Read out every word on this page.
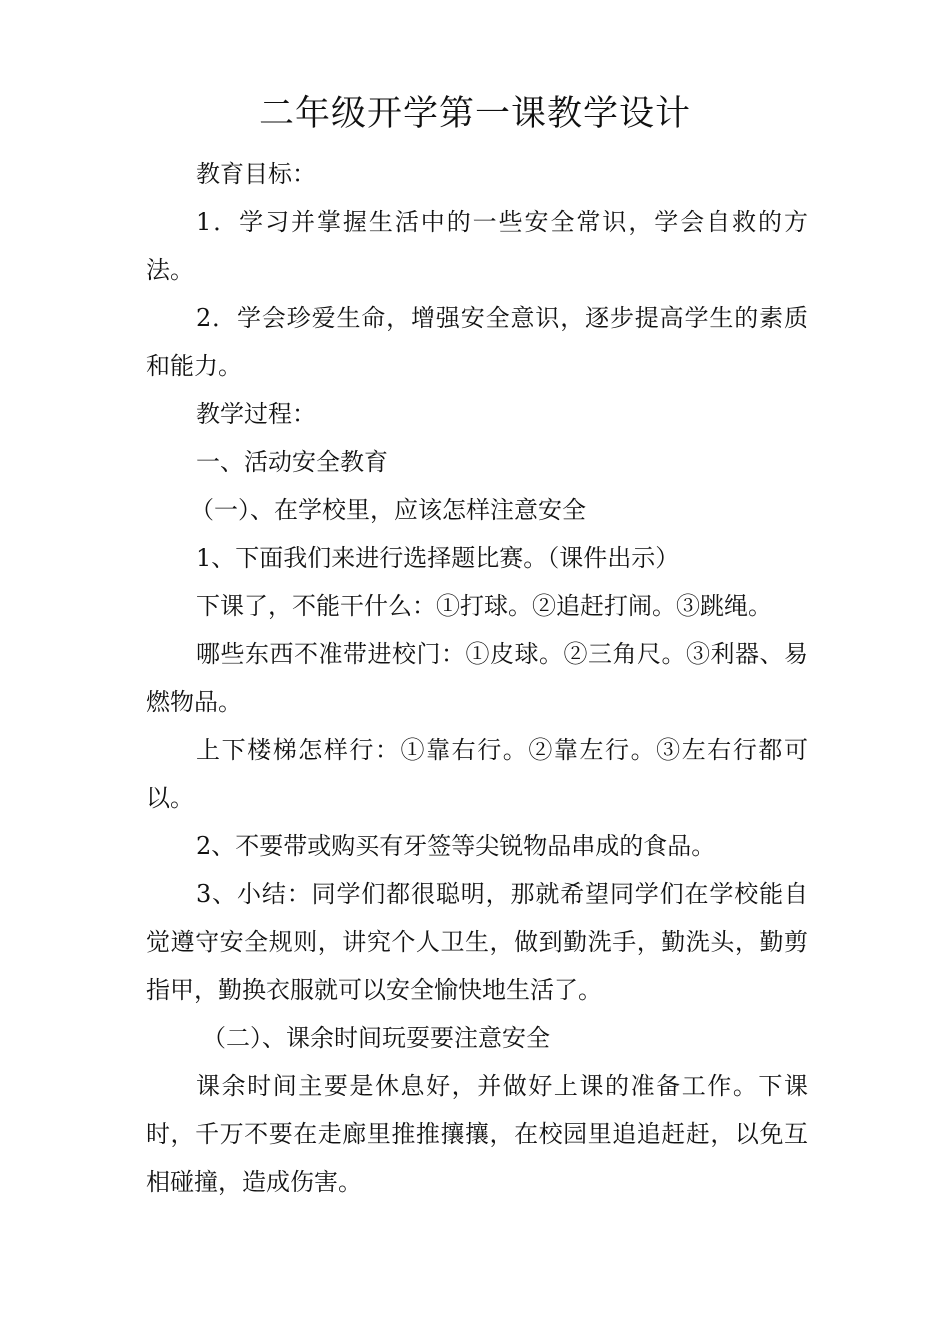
二年级开学第一课教学设计

教育目标：

1．学习并掌握生活中的一些安全常识，学会自救的方法。

2．学会珍爱生命，增强安全意识，逐步提高学生的素质和能力。

教学过程：

一、活动安全教育

（一）、在学校里，应该怎样注意安全

1、下面我们来进行选择题比赛。（课件出示）

下课了，不能干什么：①打球。②追赶打闹。③跳绳。

哪些东西不准带进校门：①皮球。②三角尺。③利器、易燃物品。

上下楼梯怎样行：①靠右行。②靠左行。③左右行都可以。

2、不要带或购买有牙签等尖锐物品串成的食品。

3、小结：同学们都很聪明，那就希望同学们在学校能自觉遵守安全规则，讲究个人卫生，做到勤洗手，勤洗头，勤剪指甲，勤换衣服就可以安全愉快地生活了。

（二）、课余时间玩耍要注意安全

课余时间主要是休息好，并做好上课的准备工作。下课时，千万不要在走廊里推推攘攘，在校园里追追赶赶，以免互相碰撞，造成伤害。
